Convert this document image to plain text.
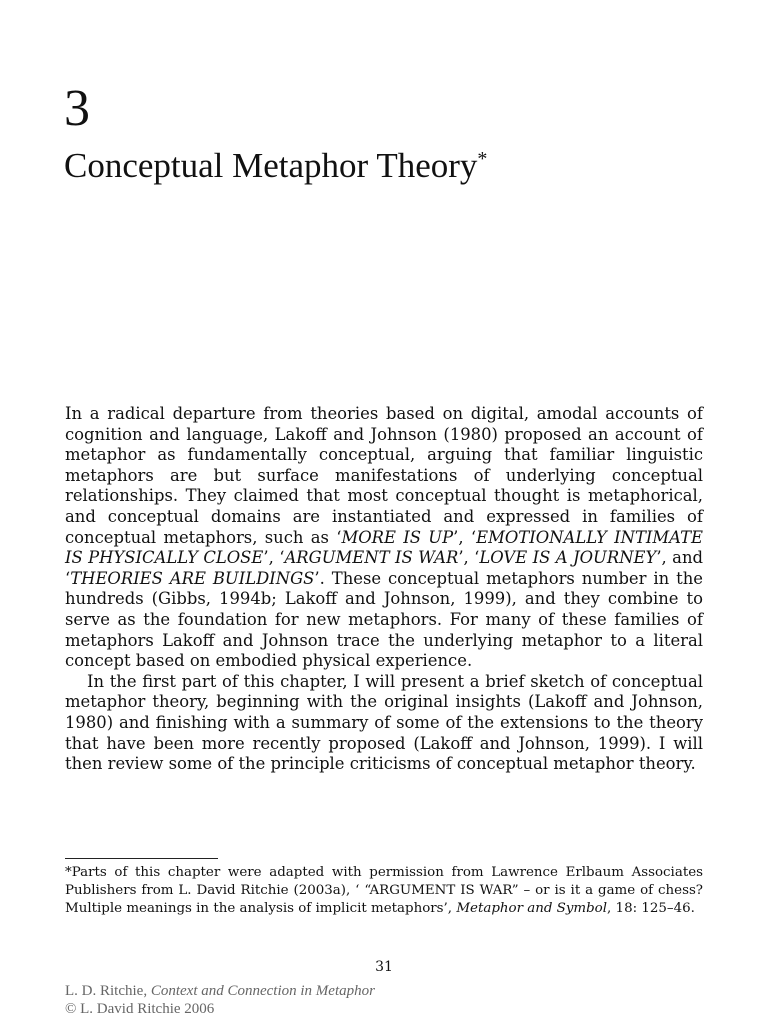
3
Conceptual Metaphor Theory*

In a radical departure from theories based on digital, amodal accounts of cognition and language, Lakoff and Johnson (1980) proposed an account of metaphor as fundamentally conceptual, arguing that familiar linguistic metaphors are but surface manifestations of underlying conceptual relationships. They claimed that most conceptual thought is metaphorical, and conceptual domains are instantiated and expressed in families of conceptual metaphors, such as ‘MORE IS UP’, ‘EMOTIONALLY INTIMATE IS PHYSICALLY CLOSE’, ‘ARGUMENT IS WAR’, ‘LOVE IS A JOURNEY’, and ‘THEORIES ARE BUILDINGS’. These conceptual metaphors number in the hundreds (Gibbs, 1994b; Lakoff and Johnson, 1999), and they combine to serve as the foundation for new metaphors. For many of these families of metaphors Lakoff and Johnson trace the underlying metaphor to a literal concept based on embodied physical experience.

In the first part of this chapter, I will present a brief sketch of conceptual metaphor theory, beginning with the original insights (Lakoff and Johnson, 1980) and finishing with a summary of some of the extensions to the theory that have been more recently proposed (Lakoff and Johnson, 1999). I will then review some of the principle criticisms of conceptual metaphor theory.

*Parts of this chapter were adapted with permission from Lawrence Erlbaum Associates Publishers from L. David Ritchie (2003a), ‘ “ARGUMENT IS WAR” – or is it a game of chess? Multiple meanings in the analysis of implicit metaphors’, Metaphor and Symbol, 18: 125–46.

31
L. D. Ritchie, Context and Connection in Metaphor
© L. David Ritchie 2006
